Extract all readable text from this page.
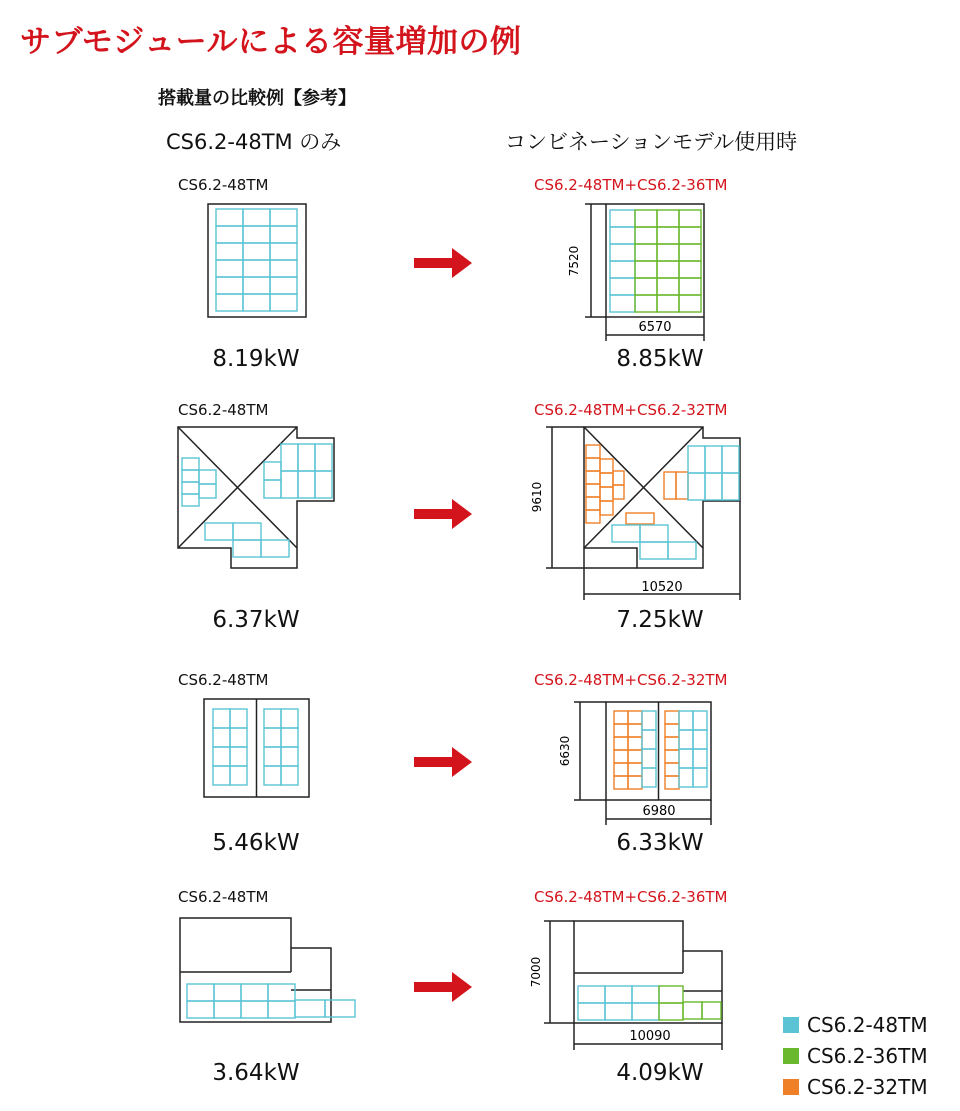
サブモジュールによる容量増加の例
搭載量の比較例【参考】
CS6.2-48TM のみ	コンビネーションモデル使用時
CS6.2-48TM	CS6.2-48TM+CS6.2-36TM
8.19kW	8.85kW
CS6.2-48TM	CS6.2-48TM+CS6.2-32TM
6.37kW	7.25kW
CS6.2-48TM	CS6.2-48TM+CS6.2-32TM
5.46kW	6.33kW
CS6.2-48TM	CS6.2-48TM+CS6.2-36TM
3.64kW	4.09kW
7520
6570
9610
10520
6630
6980
7000
10090	CS6.2-48TM
CS6.2-36TM
CS6.2-32TM
